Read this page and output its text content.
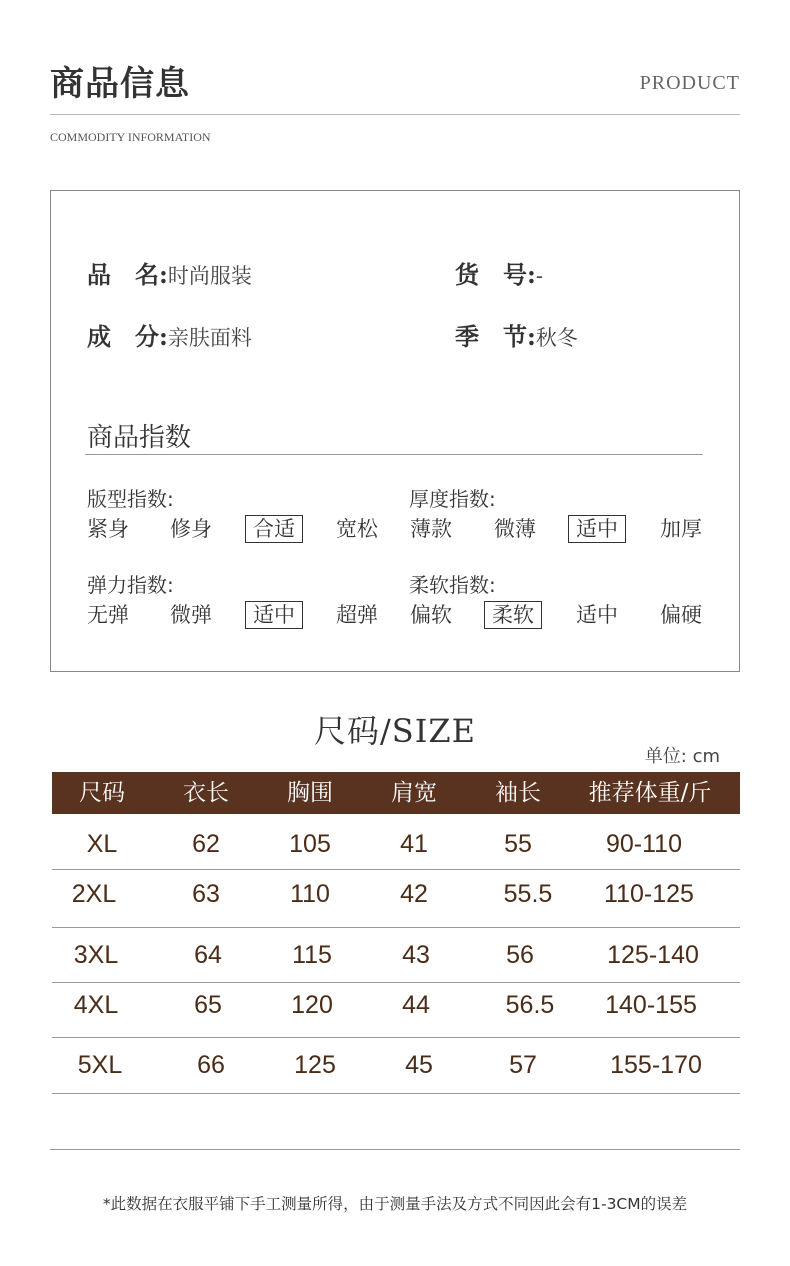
商品信息	PRODUCT
COMMODITY INFORMATION
品　名:时尚服装	货　号:-
成　分:亲肤面料	季　节:秋冬
商品指数
版型指数:
紧身	修身	合适	宽松
厚度指数:
薄款	微薄	适中	加厚
弹力指数:
无弹	微弹	适中	超弹
柔软指数:
偏软	柔软	适中	偏硬
尺码/SIZE
单位: cm
尺码	衣长	胸围	肩宽	袖长	推荐体重/斤
XL	62	105	41	55	90-110
2XL	63	110	42	55.5	110-125
3XL	64	115	43	56	125-140
4XL	65	120	44	56.5	140-155
5XL	66	125	45	57	155-170
*此数据在衣服平铺下手工测量所得，由于测量手法及方式不同因此会有1-3CM的误差
